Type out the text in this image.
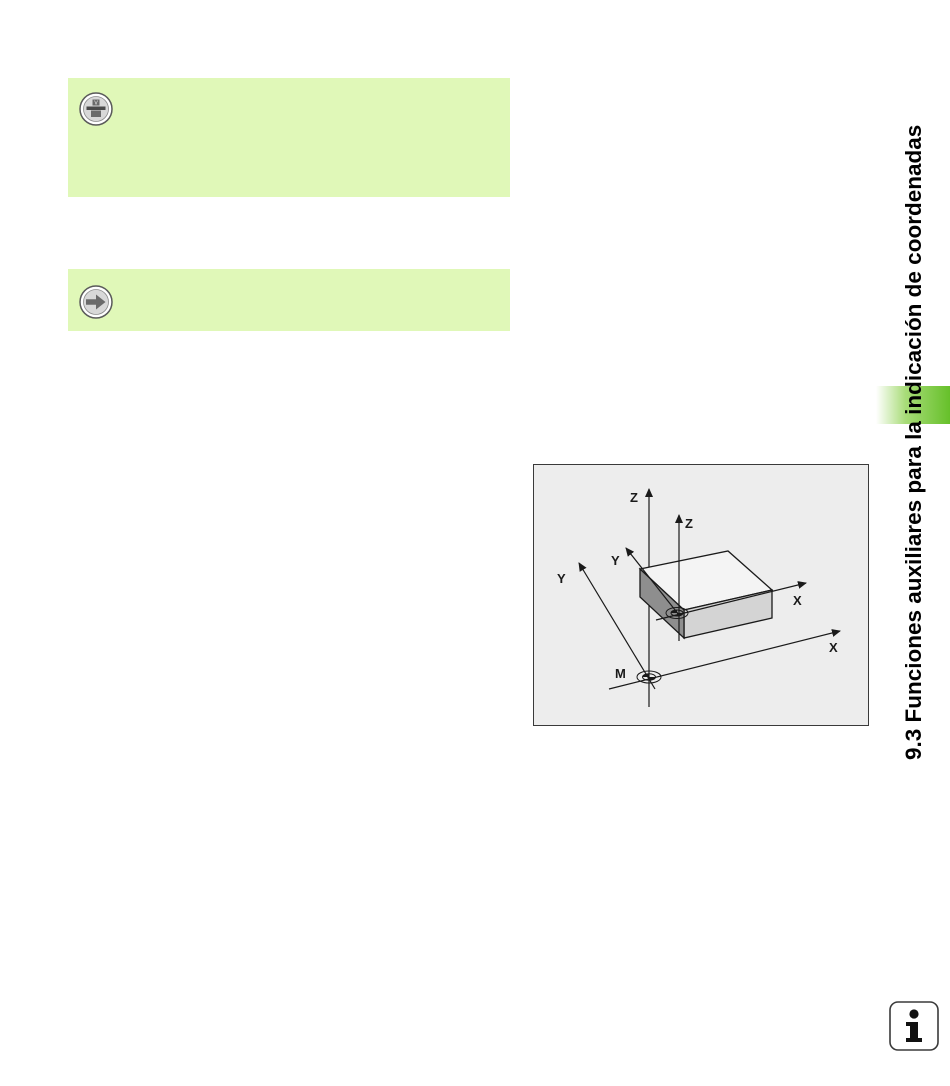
V
9.3 Funciones auxiliares para la indicación de coordenadas
Z
Z
Y
Y
X
X
M
